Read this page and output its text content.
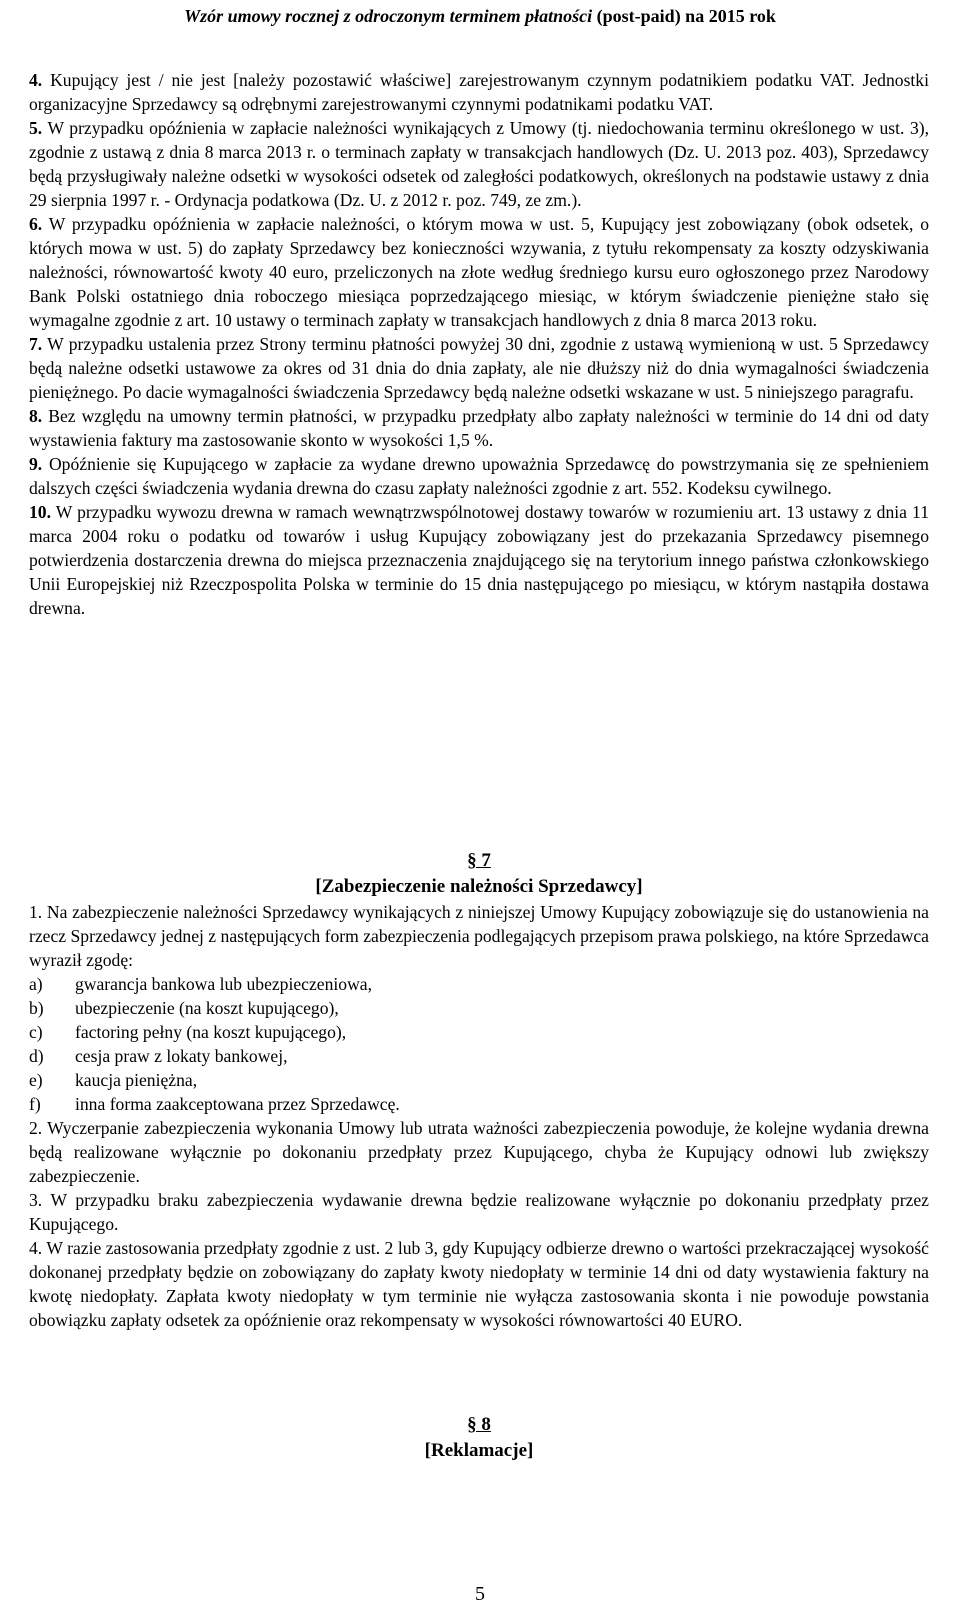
Wzór umowy rocznej z odroczonym terminem płatności (post-paid) na 2015 rok

4. Kupujący jest / nie jest [należy pozostawić właściwe] zarejestrowanym czynnym podatnikiem podatku VAT. Jednostki organizacyjne Sprzedawcy są odrębnymi zarejestrowanymi czynnymi podatnikami podatku VAT.

5. W przypadku opóźnienia w zapłacie należności wynikających z Umowy (tj. niedochowania terminu określonego w ust. 3), zgodnie z ustawą z dnia 8 marca 2013 r. o terminach zapłaty w transakcjach handlowych (Dz. U. 2013 poz. 403), Sprzedawcy będą przysługiwały należne odsetki w wysokości odsetek od zaległości podatkowych, określonych na podstawie ustawy z dnia 29 sierpnia 1997 r. - Ordynacja podatkowa (Dz. U. z 2012 r. poz. 749, ze zm.).

6. W przypadku opóźnienia w zapłacie należności, o którym mowa w ust. 5, Kupujący jest zobowiązany (obok odsetek, o których mowa w ust. 5) do zapłaty Sprzedawcy bez konieczności wzywania, z tytułu rekompensaty za koszty odzyskiwania należności, równowartość kwoty 40 euro, przeliczonych na złote według średniego kursu euro ogłoszonego przez Narodowy Bank Polski ostatniego dnia roboczego miesiąca poprzedzającego miesiąc, w którym świadczenie pieniężne stało się wymagalne zgodnie z art. 10 ustawy o terminach zapłaty w transakcjach handlowych z dnia 8 marca 2013 roku.

7. W przypadku ustalenia przez Strony terminu płatności powyżej 30 dni, zgodnie z ustawą wymienioną w ust. 5 Sprzedawcy będą należne odsetki ustawowe za okres od 31 dnia do dnia zapłaty, ale nie dłuższy niż do dnia wymagalności świadczenia pieniężnego. Po dacie wymagalności świadczenia Sprzedawcy będą należne odsetki wskazane w ust. 5 niniejszego paragrafu.

8. Bez względu na umowny termin płatności, w przypadku przedpłaty albo zapłaty należności w terminie do 14 dni od daty wystawienia faktury ma zastosowanie skonto w wysokości 1,5 %.

9. Opóźnienie się Kupującego w zapłacie za wydane drewno upoważnia Sprzedawcę do powstrzymania się ze spełnieniem dalszych części świadczenia wydania drewna do czasu zapłaty należności zgodnie z art. 552. Kodeksu cywilnego.

10. W przypadku wywozu drewna w ramach wewnątrzwspólnotowej dostawy towarów w rozumieniu art. 13 ustawy z dnia 11 marca 2004 roku o podatku od towarów i usług Kupujący zobowiązany jest do przekazania Sprzedawcy pisemnego potwierdzenia dostarczenia drewna do miejsca przeznaczenia znajdującego się na terytorium innego państwa członkowskiego Unii Europejskiej niż Rzeczpospolita Polska w terminie do 15 dnia następującego po miesiącu, w którym nastąpiła dostawa drewna.

§ 7

[Zabezpieczenie należności Sprzedawcy]

1. Na zabezpieczenie należności Sprzedawcy wynikających z niniejszej Umowy Kupujący zobowiązuje się do ustanowienia na rzecz Sprzedawcy jednej z następujących form zabezpieczenia podlegających przepisom prawa polskiego, na które Sprzedawca wyraził zgodę:

a)	gwarancja bankowa lub ubezpieczeniowa,
b)	ubezpieczenie (na koszt kupującego),
c)	factoring pełny (na koszt kupującego),
d)	cesja praw z lokaty bankowej,
e)	kaucja pieniężna,
f)	inna forma zaakceptowana przez Sprzedawcę.

2. Wyczerpanie zabezpieczenia wykonania Umowy lub utrata ważności zabezpieczenia powoduje, że kolejne wydania drewna będą realizowane wyłącznie po dokonaniu przedpłaty przez Kupującego, chyba że Kupujący odnowi lub zwiększy zabezpieczenie.

3. W przypadku braku zabezpieczenia wydawanie drewna będzie realizowane wyłącznie po dokonaniu przedpłaty przez Kupującego.

4. W razie zastosowania przedpłaty zgodnie z ust. 2 lub 3, gdy Kupujący odbierze drewno o wartości przekraczającej wysokość dokonanej przedpłaty będzie on zobowiązany do zapłaty kwoty niedopłaty w terminie 14 dni od daty wystawienia faktury na kwotę niedopłaty. Zapłata kwoty niedopłaty w tym terminie nie wyłącza zastosowania skonta i nie powoduje powstania obowiązku zapłaty odsetek za opóźnienie oraz rekompensaty w wysokości równowartości 40 EURO.

§ 8

[Reklamacje]

5
